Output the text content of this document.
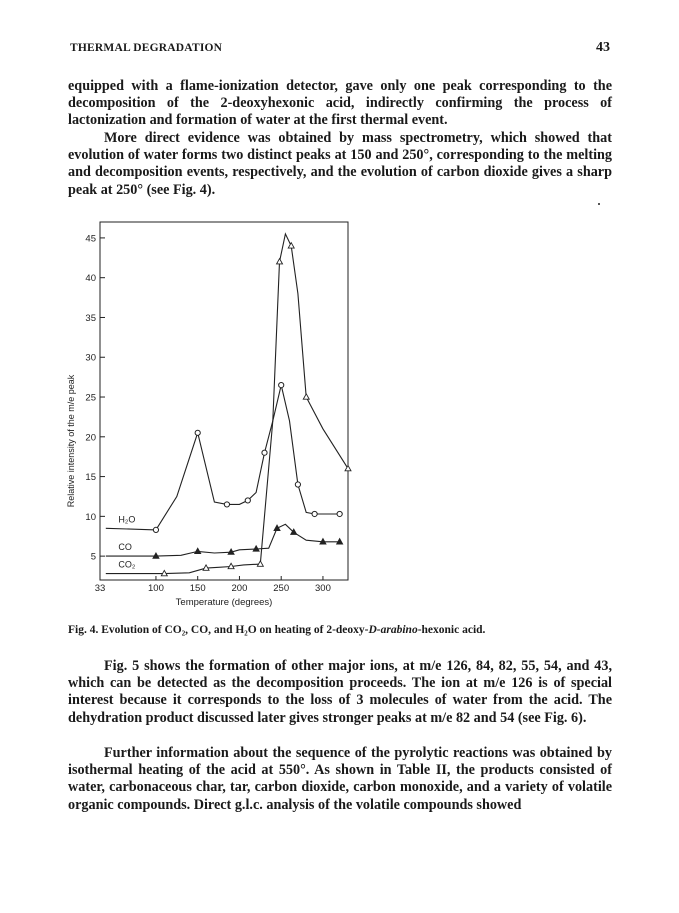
THERMAL DEGRADATION	43
equipped with a flame-ionization detector, gave only one peak corresponding to the decomposition of the 2-deoxyhexonic acid, indirectly confirming the process of lactonization and formation of water at the first thermal event.
More direct evidence was obtained by mass spectrometry, which showed that evolution of water forms two distinct peaks at 150 and 250°, corresponding to the melting and decomposition events, respectively, and the evolution of carbon dioxide gives a sharp peak at 250° (see Fig. 4).
5
10
15
20
25
30
35
40
45
33	100	150	200	250	300
Temperature (degrees)
Relative intensity of the m/e peak
H₂O
CO
CO₂
Fig. 4. Evolution of CO₂, CO, and H₂O on heating of 2-deoxy-D-arabino-hexonic acid.
Fig. 5 shows the formation of other major ions, at m/e 126, 84, 82, 55, 54, and 43, which can be detected as the decomposition proceeds. The ion at m/e 126 is of special interest because it corresponds to the loss of 3 molecules of water from the acid. The dehydration product discussed later gives stronger peaks at m/e 82 and 54 (see Fig. 6).
Further information about the sequence of the pyrolytic reactions was obtained by isothermal heating of the acid at 550°. As shown in Table II, the products consisted of water, carbonaceous char, tar, carbon dioxide, carbon monoxide, and a variety of volatile organic compounds. Direct g.l.c. analysis of the volatile compounds showed
